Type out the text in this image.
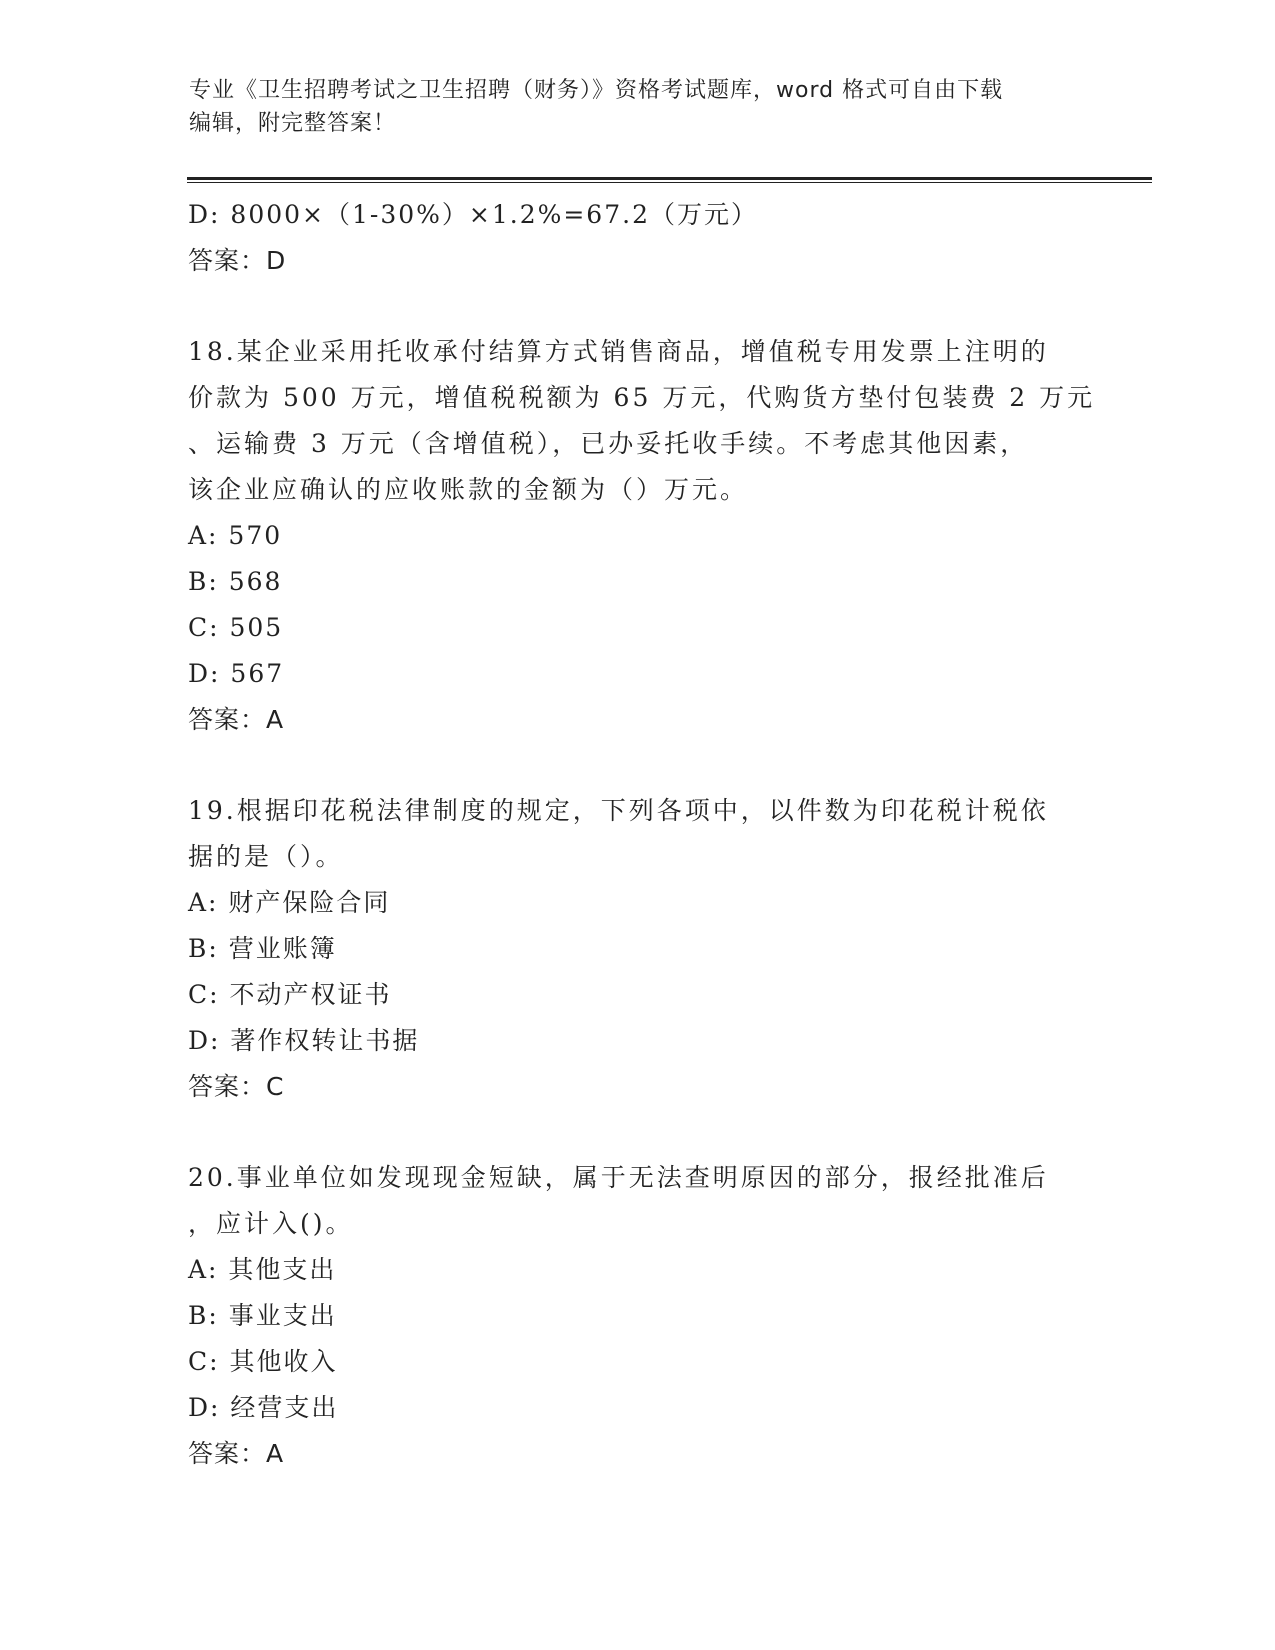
专业《卫生招聘考试之卫生招聘（财务）》资格考试题库，word 格式可自由下载
编辑，附完整答案！
D: 8000×（1-30%）×1.2%=67.2（万元）
答案：D
18.某企业采用托收承付结算方式销售商品，增值税专用发票上注明的
价款为 500 万元，增值税税额为 65 万元，代购货方垫付包装费 2 万元
、运输费 3 万元（含增值税），已办妥托收手续。不考虑其他因素，
该企业应确认的应收账款的金额为（）万元。
A: 570
B: 568
C: 505
D: 567
答案：A
19.根据印花税法律制度的规定，下列各项中，以件数为印花税计税依
据的是（）。
A: 财产保险合同
B: 营业账簿
C: 不动产权证书
D: 著作权转让书据
答案：C
20.事业单位如发现现金短缺，属于无法查明原因的部分，报经批准后
，应计入()。
A: 其他支出
B: 事业支出
C: 其他收入
D: 经营支出
答案：A
